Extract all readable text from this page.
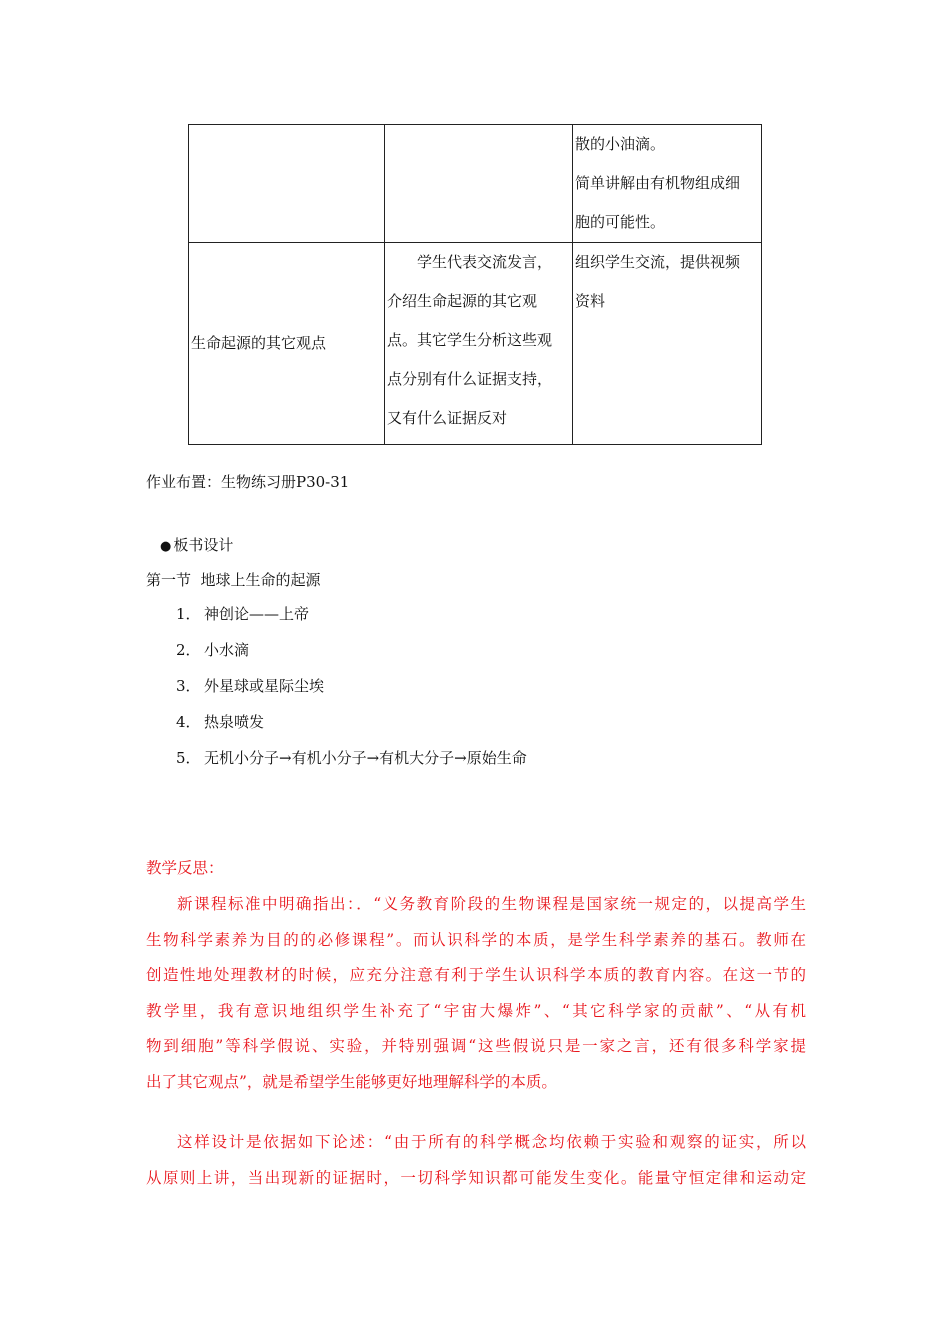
		散的小油滴。
简单讲解由有机物组成细
胞的可能性。

生命起源的其它观点	学生代表交流发言，
介绍生命起源的其它观
点。其它学生分析这些观
点分别有什么证据支持，
又有什么证据反对	组织学生交流，提供视频
资料
作业布置：生物练习册P30-31
● 板书设计
第一节  地球上生命的起源
1． 神创论——上帝
2． 小水滴
3． 外星球或星际尘埃
4． 热泉喷发
5． 无机小分子→有机小分子→有机大分子→原始生命
教学反思：

新课程标准中明确指出：．“义务教育阶段的生物课程是国家统一规定的，以提高学生
生物科学素养为目的的必修课程”。而认识科学的本质，是学生科学素养的基石。教师在
创造性地处理教材的时候，应充分注意有利于学生认识科学本质的教育内容。在这一节的
教学里，我有意识地组织学生补充了“宇宙大爆炸”、“其它科学家的贡献”、“从有机
物到细胞”等科学假说、实验，并特别强调“这些假说只是一家之言，还有很多科学家提
出了其它观点”，就是希望学生能够更好地理解科学的本质。

这样设计是依据如下论述：“由于所有的科学概念均依赖于实验和观察的证实，所以
从原则上讲，当出现新的证据时，一切科学知识都可能发生变化。能量守恒定律和运动定
